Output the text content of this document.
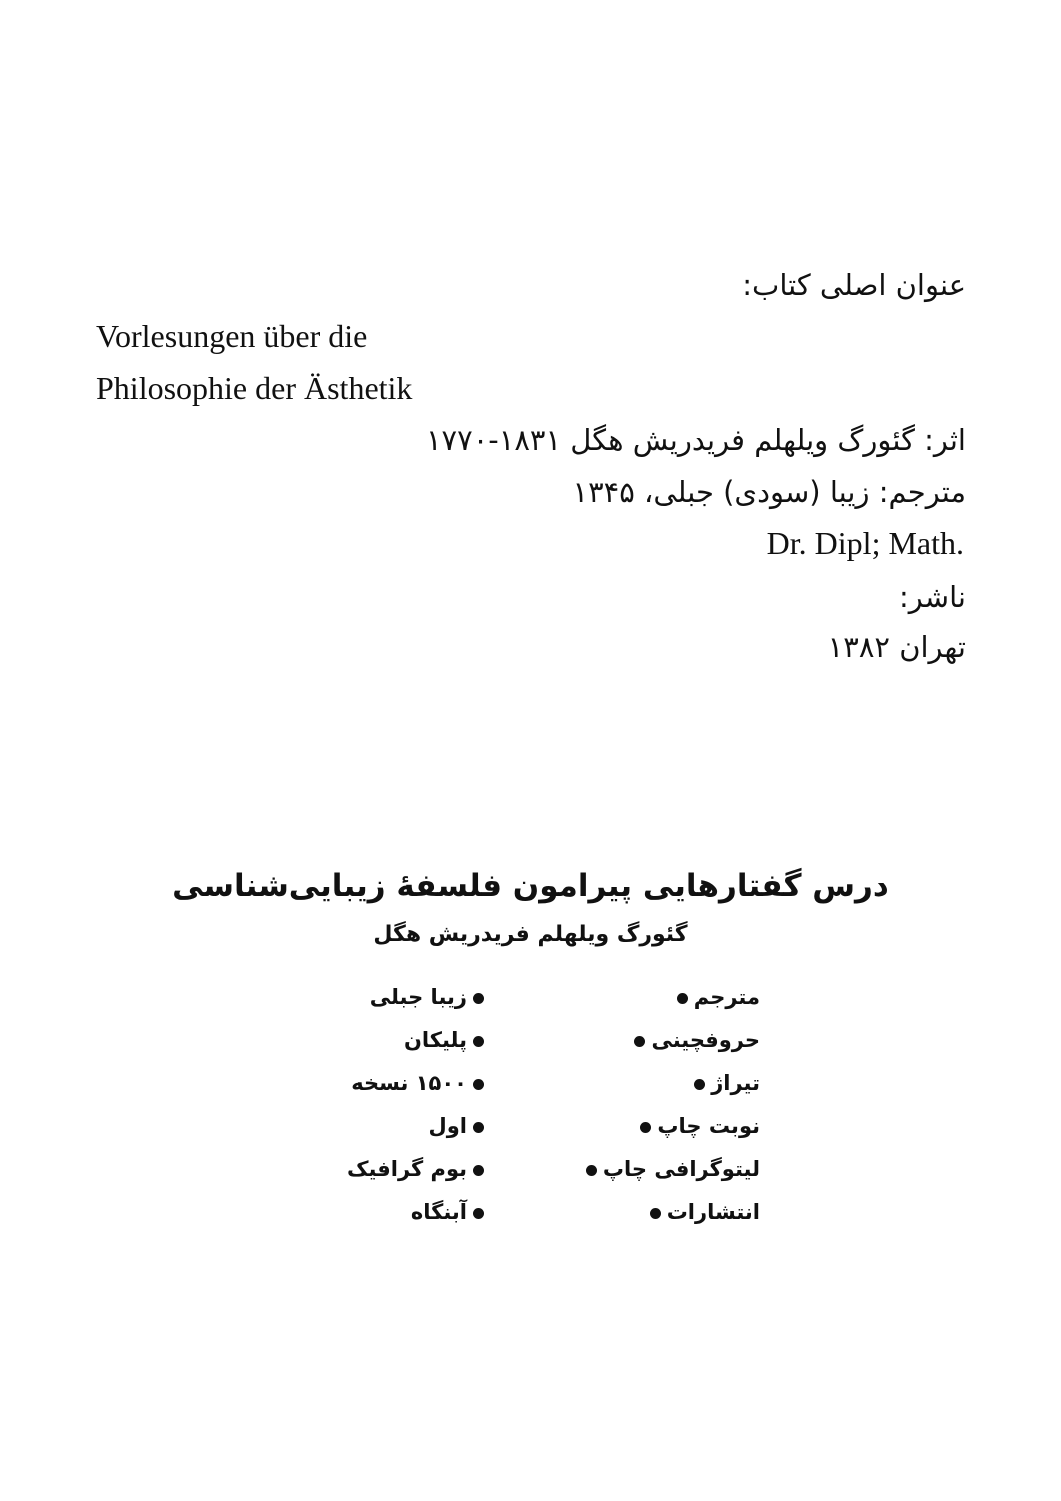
عنوان اصلی کتاب:
Vorlesungen über die
Philosophie der Ästhetik
اثر: گئورگ ویلهلم فریدریش هگل ۱۸۳۱-۱۷۷۰
مترجم: زیبا (سودی) جبلی، ۱۳۴۵
Dr. Dipl; Math.
ناشر:
تهران ۱۳۸۲
درس گفتارهایی پیرامون فلسفهٔ زیبایی‌شناسی
گئورگ ویلهلم فریدریش هگل
مترجم
زیبا جبلی
حروفچینی
پلیکان
تیراژ
۱۵۰۰ نسخه
نوبت چاپ
اول
لیتوگرافی چاپ
بوم گرافیک
انتشارات
آبنگاه
